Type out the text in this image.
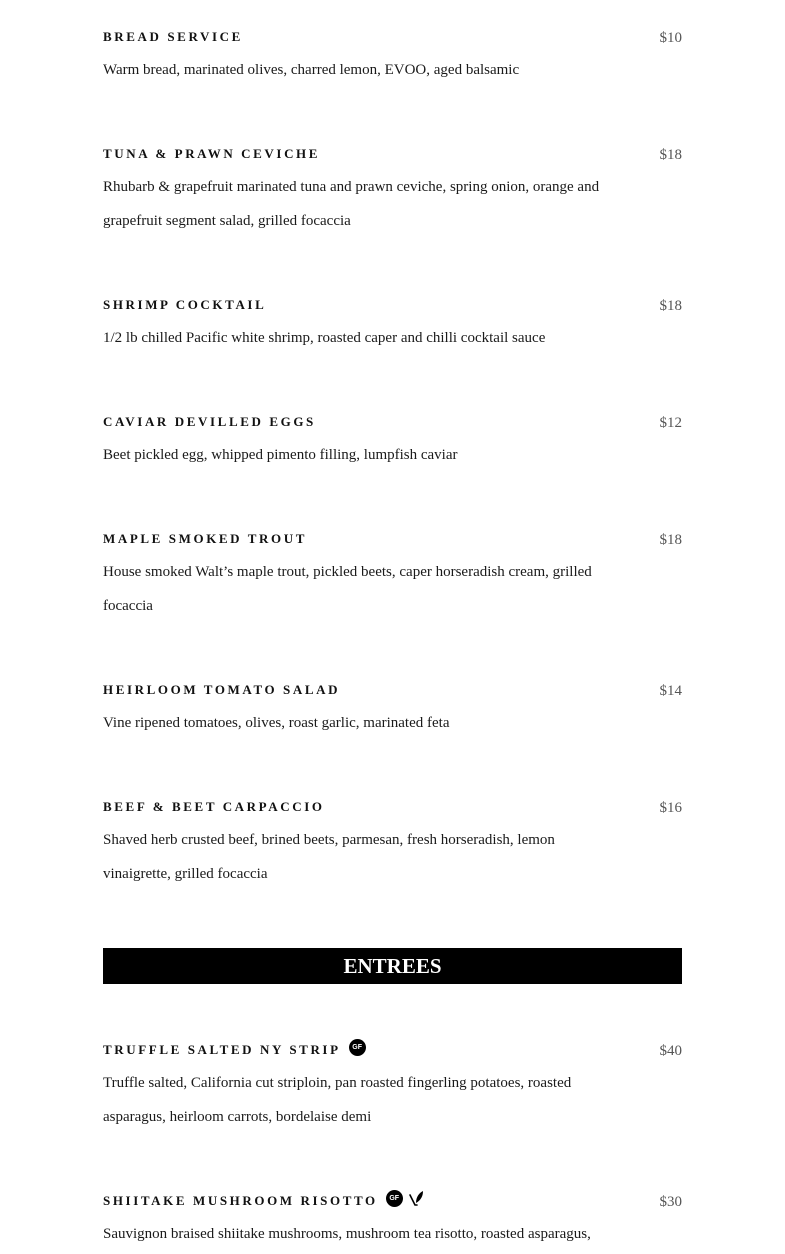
BREAD SERVICE	$10
Warm bread, marinated olives, charred lemon, EVOO, aged balsamic
TUNA & PRAWN CEVICHE	$18
Rhubarb & grapefruit marinated tuna and prawn ceviche, spring onion, orange and grapefruit segment salad, grilled focaccia
SHRIMP COCKTAIL	$18
1/2 lb chilled Pacific white shrimp, roasted caper and chilli cocktail sauce
CAVIAR DEVILLED EGGS	$12
Beet pickled egg, whipped pimento filling, lumpfish caviar
MAPLE SMOKED TROUT	$18
House smoked Walt’s maple trout, pickled beets, caper horseradish cream, grilled focaccia
HEIRLOOM TOMATO SALAD	$14
Vine ripened tomatoes, olives, roast garlic, marinated feta
BEEF & BEET CARPACCIO	$16
Shaved herb crusted beef, brined beets, parmesan, fresh horseradish, lemon vinaigrette, grilled focaccia
ENTREES
TRUFFLE SALTED NY STRIP GF	$40
Truffle salted, California cut striploin, pan roasted fingerling potatoes, roasted asparagus, heirloom carrots, bordelaise demi
SHIITAKE MUSHROOM RISOTTO GF	$30
Sauvignon braised shiitake mushrooms, mushroom tea risotto, roasted asparagus,
